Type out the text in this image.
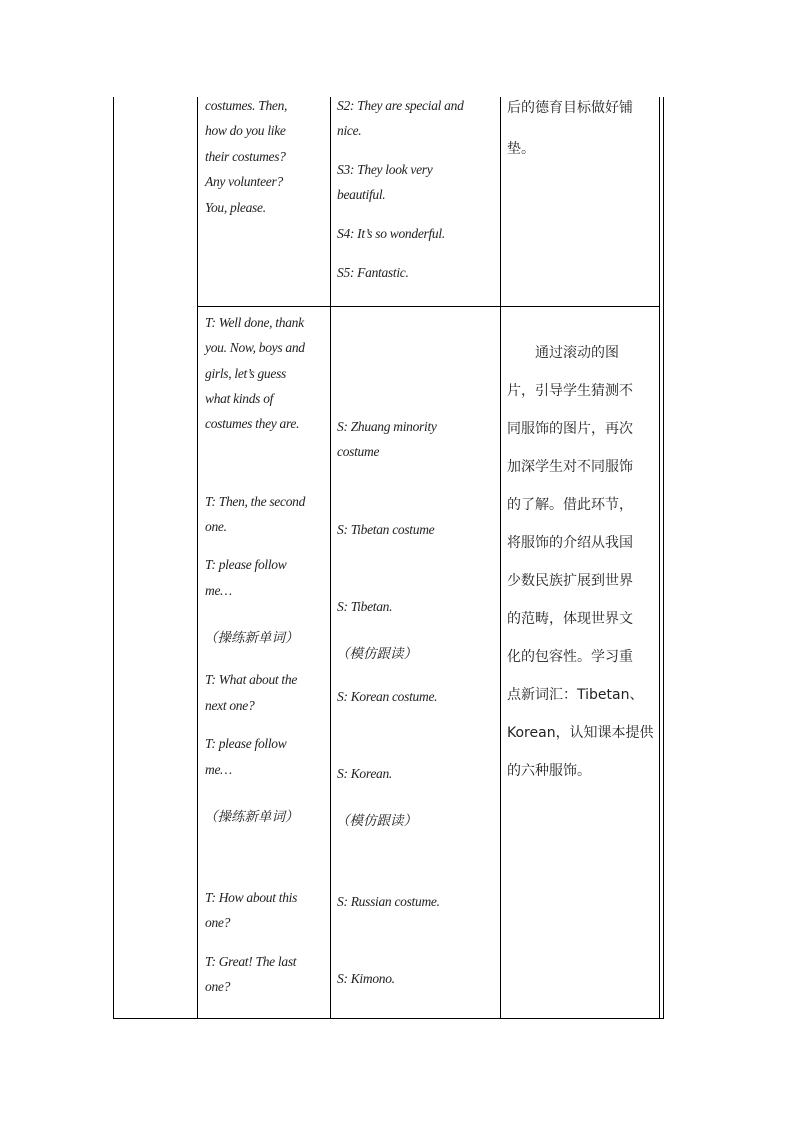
costumes. Then,
how do you like
their costumes?
Any volunteer?
You, please.
S2: They are special and
nice.
S3: They look very
beautiful.
S4: It’s so wonderful.
S5: Fantastic.
后的德育目标做好铺
垫。
T: Well done, thank
you. Now, boys and
girls, let’s guess
what kinds of
costumes they are.
T: Then, the second
one.
T: please follow
me…
（操练新单词）
T: What about the
next one?
T: please follow
me…
（操练新单词）
T: How about this
one?
T: Great! The last
one?
S: Zhuang minority
costume
S: Tibetan costume
S: Tibetan.
（模仿跟读）
S: Korean costume.
S: Korean.
（模仿跟读）
S: Russian costume.
S: Kimono.
通过滚动的图
片，引导学生猜测不
同服饰的图片，再次
加深学生对不同服饰
的了解。借此环节，
将服饰的介绍从我国
少数民族扩展到世界
的范畴，体现世界文
化的包容性。学习重
点新词汇：Tibetan、
Korean，认知课本提供
的六种服饰。
